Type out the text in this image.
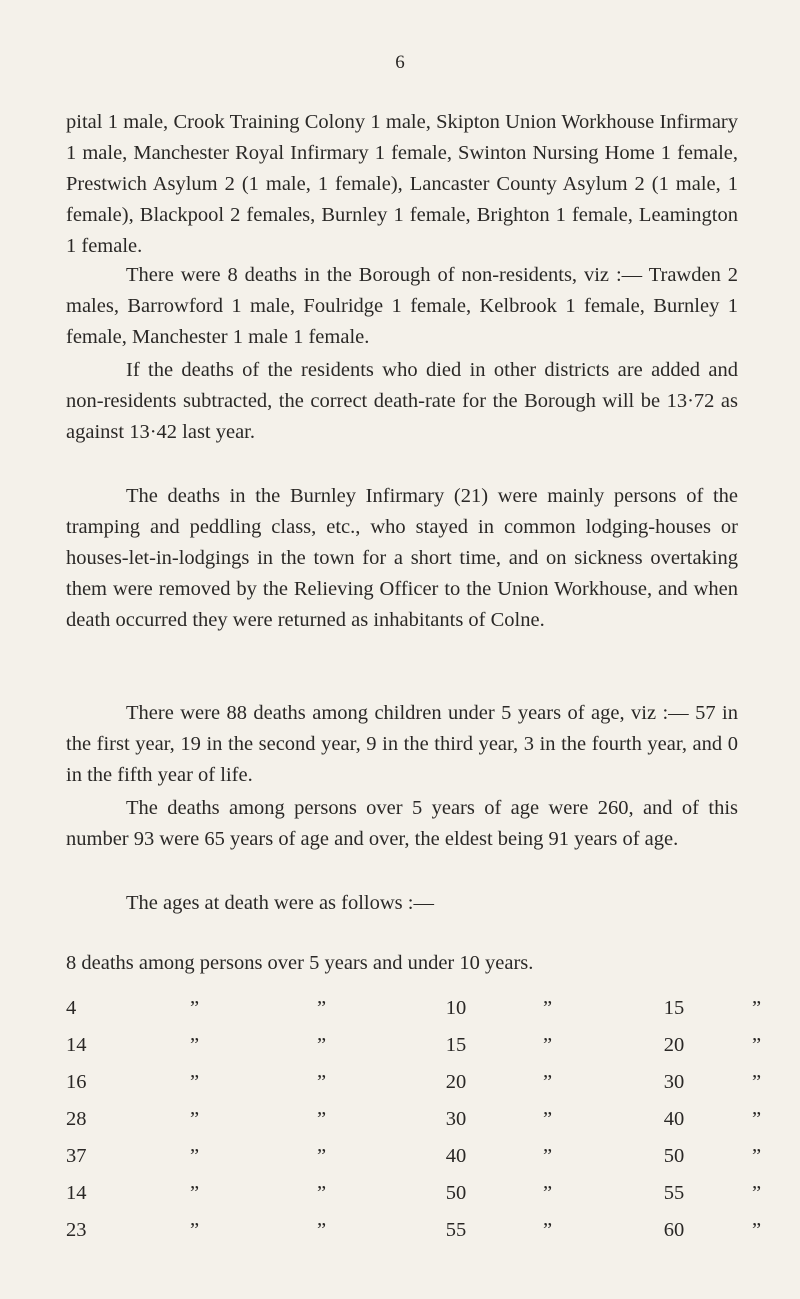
6

pital 1 male, Crook Training Colony 1 male, Skipton Union Workhouse Infirmary 1 male, Manchester Royal Infirmary 1 female, Swinton Nursing Home 1 female, Prestwich Asylum 2 (1 male, 1 female), Lancaster County Asylum 2 (1 male, 1 female), Blackpool 2 females, Burnley 1 female, Brighton 1 female, Leamington 1 female.

There were 8 deaths in the Borough of non-residents, viz :— Trawden 2 males, Barrowford 1 male, Foulridge 1 female, Kelbrook 1 female, Burnley 1 female, Manchester 1 male 1 female.

If the deaths of the residents who died in other districts are added and non-residents subtracted, the correct death-rate for the Borough will be 13·72 as against 13·42 last year.

The deaths in the Burnley Infirmary (21) were mainly persons of the tramping and peddling class, etc., who stayed in common lodging-houses or houses-let-in-lodgings in the town for a short time, and on sickness overtaking them were removed by the Relieving Officer to the Union Workhouse, and when death occurred they were returned as inhabitants of Colne.

There were 88 deaths among children under 5 years of age, viz :— 57 in the first year, 19 in the second year, 9 in the third year, 3 in the fourth year, and 0 in the fifth year of life.

The deaths among persons over 5 years of age were 260, and of this number 93 were 65 years of age and over, the eldest being 91 years of age.

The ages at death were as follows :—

8 deaths among persons over 5 years and under 10 years.

4	”	”	10	”	15	”
14	”	”	15	”	20	”
16	”	”	20	”	30	”
28	”	”	30	”	40	”
37	”	”	40	”	50	”
14	”	”	50	”	55	”
23	”	”	55	”	60	”
